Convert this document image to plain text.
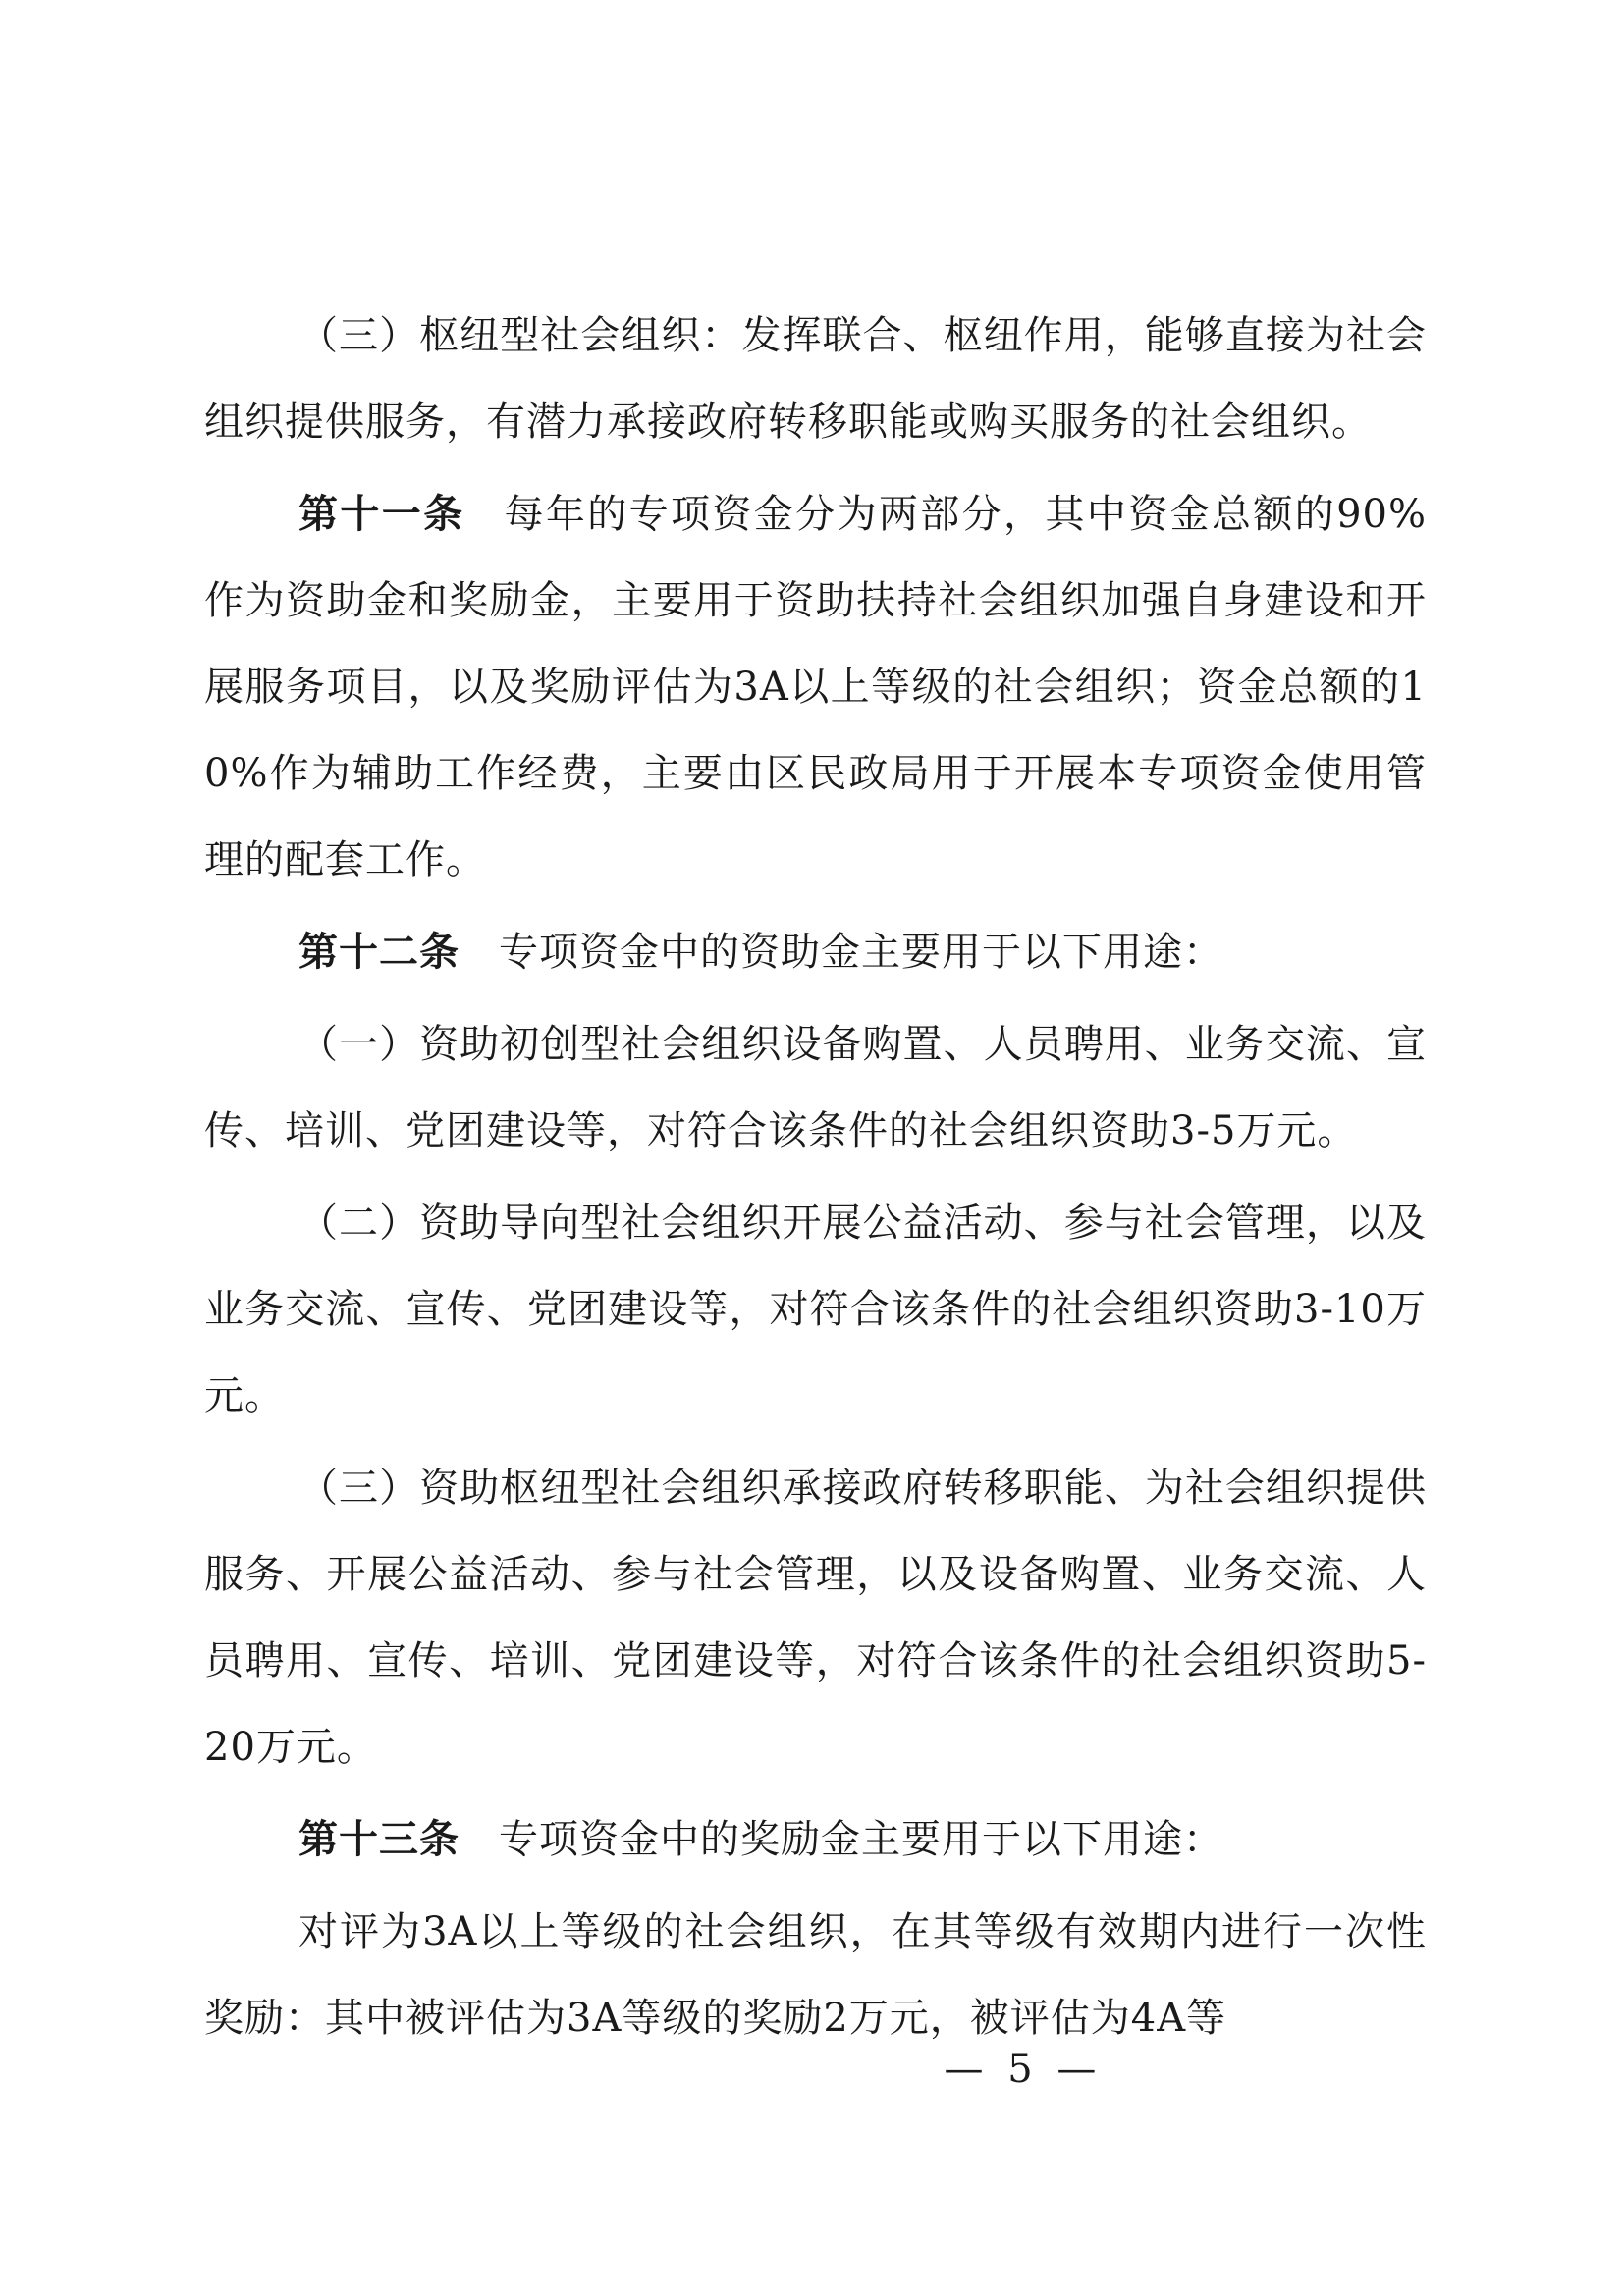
（三）枢纽型社会组织：发挥联合、枢纽作用，能够直接为社会组织提供服务，有潜力承接政府转移职能或购买服务的社会组织。

第十一条 每年的专项资金分为两部分，其中资金总额的90%作为资助金和奖励金，主要用于资助扶持社会组织加强自身建设和开展服务项目，以及奖励评估为3A以上等级的社会组织；资金总额的10%作为辅助工作经费，主要由区民政局用于开展本专项资金使用管理的配套工作。

第十二条 专项资金中的资助金主要用于以下用途：

（一）资助初创型社会组织设备购置、人员聘用、业务交流、宣传、培训、党团建设等，对符合该条件的社会组织资助3-5万元。

（二）资助导向型社会组织开展公益活动、参与社会管理，以及业务交流、宣传、党团建设等，对符合该条件的社会组织资助3-10万元。

（三）资助枢纽型社会组织承接政府转移职能、为社会组织提供服务、开展公益活动、参与社会管理，以及设备购置、业务交流、人员聘用、宣传、培训、党团建设等，对符合该条件的社会组织资助5-20万元。

第十三条 专项资金中的奖励金主要用于以下用途：

对评为3A以上等级的社会组织，在其等级有效期内进行一次性奖励：其中被评估为3A等级的奖励2万元，被评估为4A等

— 5 —
